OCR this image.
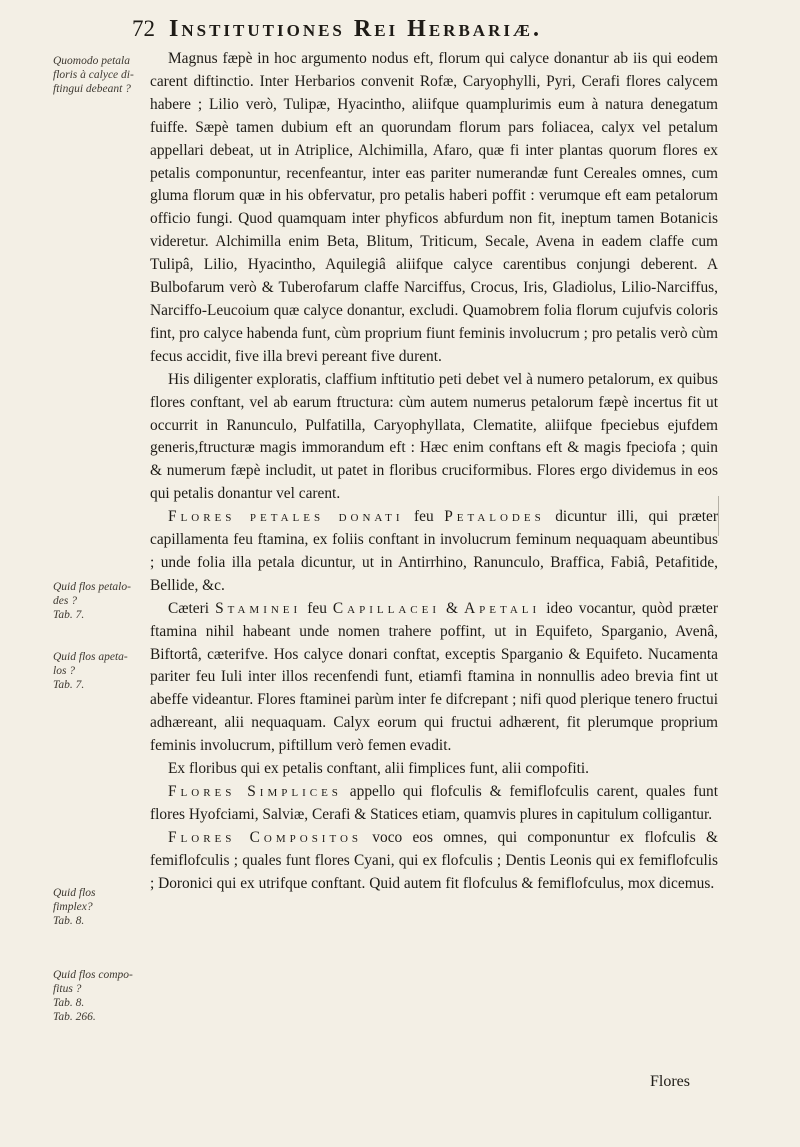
72 Institutiones Rei Herbariæ.
Quomodo petala
floris à calyce di-
ftingui debeant ?
Quid flos petalo-
des ?
Tab. 7.
Quid flos apeta-
los ?
Tab. 7.
Quid flos fimplex?
Tab. 8.
Quid flos compo-
fitus ?
Tab. 8.
Tab. 266.

Magnus fæpè in hoc argumento nodus eft, florum qui calyce donantur ab iis qui eodem carent diftinctio. Inter Herbarios convenit Rofæ, Caryophylli, Pyri, Cerafi flores calycem habere ; Lilio verò, Tulipæ, Hyacintho, aliifque quamplurimis eum à natura denegatum fuiffe. Sæpè tamen dubium eft an quorundam florum pars foliacea, calyx vel petalum appellari debeat, ut in Atriplice, Alchimilla, Afaro, quæ fi inter plantas quorum flores ex petalis componuntur, recenfeantur, inter eas pariter numerandæ funt Cereales omnes, cum gluma florum quæ in his obfervatur, pro petalis haberi poffit : verumque eft eam petalorum officio fungi. Quod quamquam inter phyficos abfurdum non fit, ineptum tamen Botanicis videretur. Alchimilla enim Beta, Blitum, Triticum, Secale, Avena in eadem claffe cum Tulipâ, Lilio, Hyacintho, Aquilegiâ aliifque calyce carentibus conjungi deberent. A Bulbofarum verò & Tuberofarum claffe Narciffus, Crocus, Iris, Gladiolus, Lilio-Narciffus, Narciffo-Leucoium quæ calyce donantur, excludi. Quamobrem folia florum cujufvis coloris fint, pro calyce habenda funt, cùm proprium fiunt feminis involucrum ; pro petalis verò cùm fecus accidit, five illa brevi pereant five durent.

His diligenter exploratis, claffium inftitutio peti debet vel à numero petalorum, ex quibus flores conftant, vel ab earum ftructura: cùm autem numerus petalorum fæpè incertus fit ut occurrit in Ranunculo, Pulfatilla, Caryophyllata, Clematite, aliifque fpeciebus ejufdem generis,ftructuræ magis immorandum eft : Hæc enim conftans eft & magis fpeciofa ; quin & numerum fæpè includit, ut patet in floribus cruciformibus. Flores ergo dividemus in eos qui petalis donantur vel carent.

Flores petales donati feu Petalodes dicuntur illi, qui præter capillamenta feu ftamina, ex foliis conftant in involucrum feminum nequaquam abeuntibus ; unde folia illa petala dicuntur, ut in Antirrhino, Ranunculo, Braffica, Fabiâ, Petafitide, Bellide, &c.

Cæteri Staminei feu Capillacei & Apetali ideo vocantur, quòd præter ftamina nihil habeant unde nomen trahere poffint, ut in Equifeto, Sparganio, Avenâ, Biftortâ, cæterifve. Hos calyce donari conftat, exceptis Sparganio & Equifeto. Nucamenta pariter feu Iuli inter illos recenfendi funt, etiamfi ftamina in nonnullis adeo brevia fint ut abeffe videantur. Flores ftaminei parùm inter fe difcrepant ; nifi quod plerique tenero fructui adhæreant, alii nequaquam. Calyx eorum qui fructui adhærent, fit plerumque proprium feminis involucrum, piftillum verò femen evadit.

Ex floribus qui ex petalis conftant, alii fimplices funt, alii compofiti.

Flores Simplices appello qui flofculis & femiflofculis carent, quales funt flores Hyofciami, Salviæ, Cerafi & Statices etiam, quamvis plures in capitulum colligantur.

Flores Compositos voco eos omnes, qui componuntur ex flofculis & femiflofculis ; quales funt flores Cyani, qui ex flofculis ; Dentis Leonis qui ex femiflofculis ; Doronici qui ex utrifque conftant. Quid autem fit flofculus & femiflofculus, mox dicemus.

Flores
